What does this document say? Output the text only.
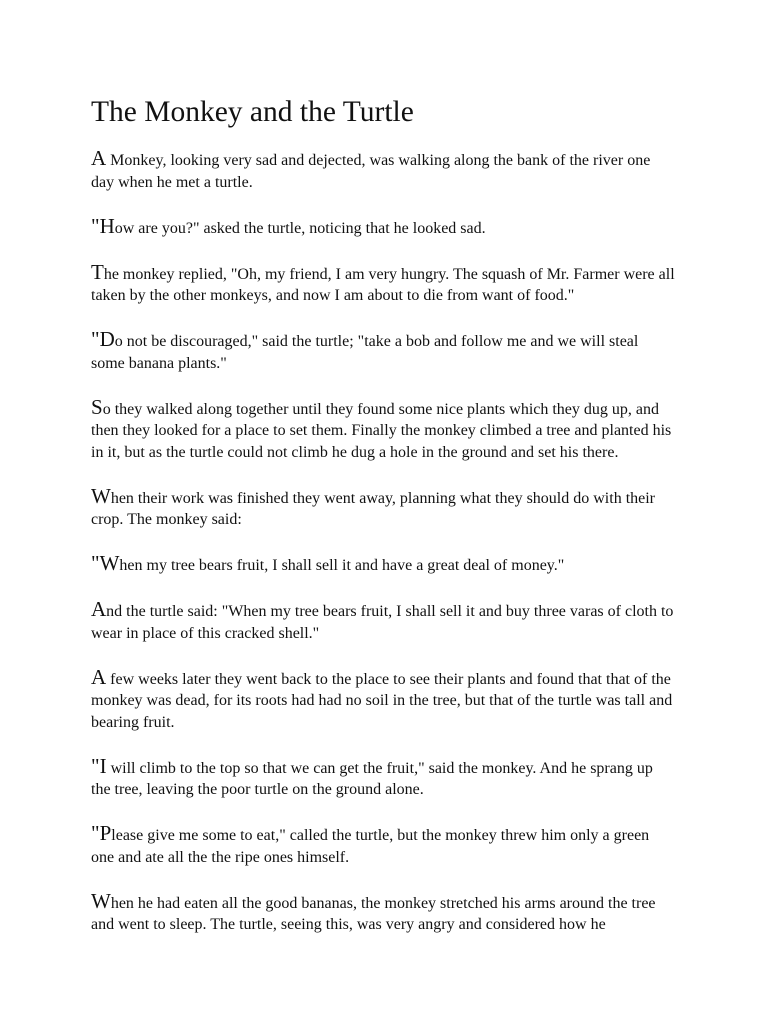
The Monkey and the Turtle

A Monkey, looking very sad and dejected, was walking along the bank of the river one day when he met a turtle.

"How are you?" asked the turtle, noticing that he looked sad.

The monkey replied, "Oh, my friend, I am very hungry. The squash of Mr. Farmer were all taken by the other monkeys, and now I am about to die from want of food."

"Do not be discouraged," said the turtle; "take a bob and follow me and we will steal some banana plants."

So they walked along together until they found some nice plants which they dug up, and then they looked for a place to set them. Finally the monkey climbed a tree and planted his in it, but as the turtle could not climb he dug a hole in the ground and set his there.

When their work was finished they went away, planning what they should do with their crop. The monkey said:

"When my tree bears fruit, I shall sell it and have a great deal of money."

And the turtle said: "When my tree bears fruit, I shall sell it and buy three varas of cloth to wear in place of this cracked shell."

A few weeks later they went back to the place to see their plants and found that that of the monkey was dead, for its roots had had no soil in the tree, but that of the turtle was tall and bearing fruit.

"I will climb to the top so that we can get the fruit," said the monkey. And he sprang up the tree, leaving the poor turtle on the ground alone.

"Please give me some to eat," called the turtle, but the monkey threw him only a green one and ate all the the ripe ones himself.

When he had eaten all the good bananas, the monkey stretched his arms around the tree and went to sleep. The turtle, seeing this, was very angry and considered how he
